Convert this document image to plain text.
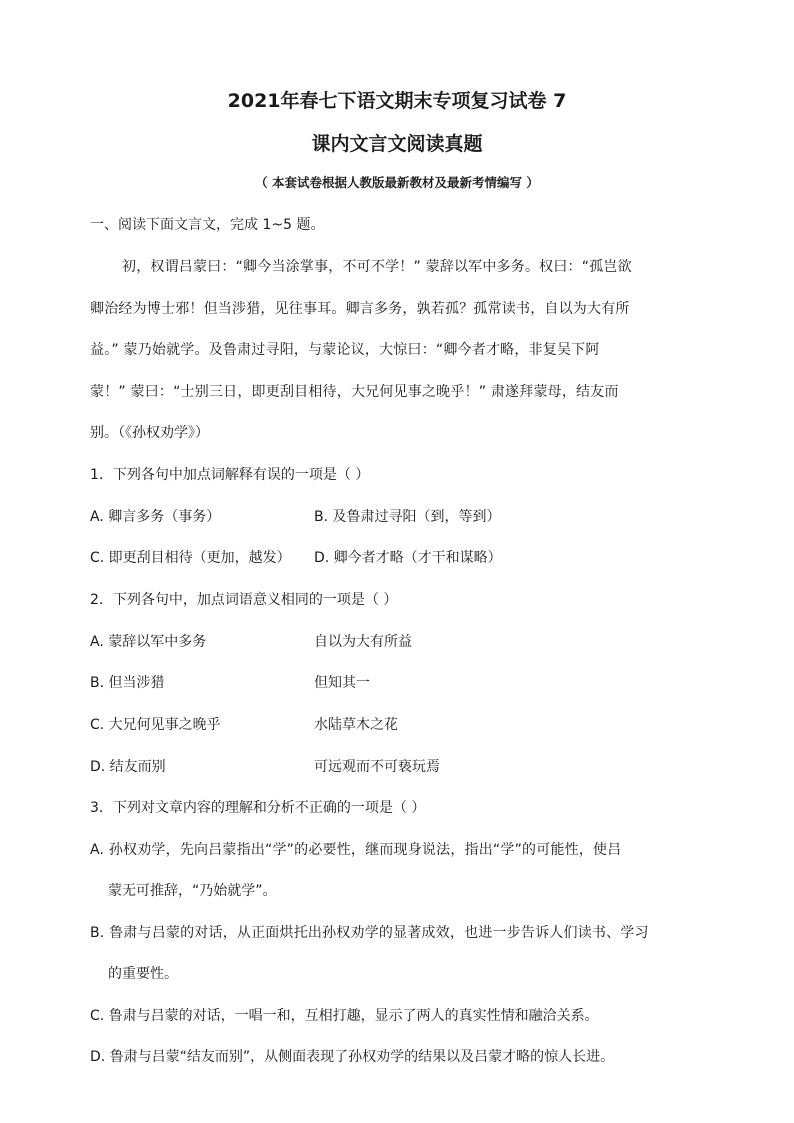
2021年春七下语文期末专项复习试卷 7
课内文言文阅读真题
（ 本套试卷根据人教版最新教材及最新考情编写 ）
一、阅读下面文言文，完成 1~5 题。
初，权谓吕蒙曰：“卿今当涂掌事，不可不学！” 蒙辞以军中多务。权曰：“孤岂欲
卿治经为博士邪！但当涉猎，见往事耳。卿言多务，孰若孤？孤常读书，自以为大有所
益。” 蒙乃始就学。及鲁肃过寻阳，与蒙论议，大惊曰：“卿今者才略，非复吴下阿
蒙！” 蒙曰：“士别三日，即更刮目相待，大兄何见事之晚乎！” 肃遂拜蒙母，结友而
别。（《孙权劝学》）
1．下列各句中加点词解释有误的一项是（ ）
A. 卿言多务（事务）	B. 及鲁肃过寻阳（到，等到）
C. 即更刮目相待（更加，越发） D. 卿今者才略（才干和谋略）
2．下列各句中，加点词语意义相同的一项是（ ）
A. 蒙辞以军中多务	自以为大有所益
B. 但当涉猎	但知其一
C. 大兄何见事之晚乎	水陆草木之花
D. 结友而别	可远观而不可亵玩焉
3．下列对文章内容的理解和分析不正确的一项是（ ）
A. 孙权劝学，先向吕蒙指出“学”的必要性，继而现身说法，指出“学”的可能性，使吕
蒙无可推辞，“乃始就学”。
B. 鲁肃与吕蒙的对话，从正面烘托出孙权劝学的显著成效，也进一步告诉人们读书、学习
的重要性。
C. 鲁肃与吕蒙的对话，一唱一和，互相打趣，显示了两人的真实性情和融洽关系。
D. 鲁肃与吕蒙“结友而别”，从侧面表现了孙权劝学的结果以及吕蒙才略的惊人长进。
